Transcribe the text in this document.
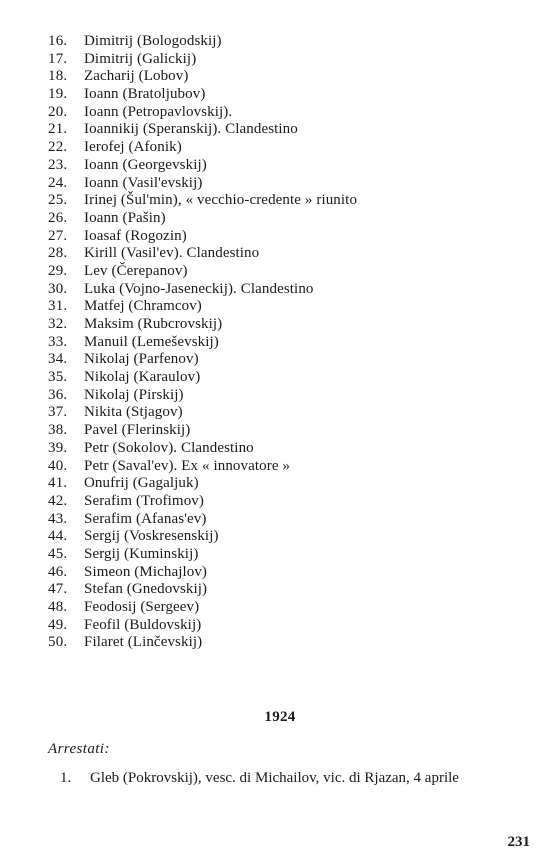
16.	Dimitrij (Bologodskij)
17.	Dimitrij (Galickij)
18.	Zacharij (Lobov)
19.	Ioann (Bratoljubov)
20.	Ioann (Petropavlovskij).
21.	Ioannikij (Speranskij). Clandestino
22.	Ierofej (Afonik)
23.	Ioann (Georgevskij)
24.	Ioann (Vasil'evskij)
25.	Irinej (Šul'min), « vecchio-credente » riunito
26.	Ioann (Pašin)
27.	Ioasaf (Rogozin)
28.	Kirill (Vasil'ev). Clandestino
29.	Lev (Čerepanov)
30.	Luka (Vojno-Jaseneckij). Clandestino
31.	Matfej (Chramcov)
32.	Maksim (Rubcrovskij)
33.	Manuil (Lemeševskij)
34.	Nikolaj (Parfenov)
35.	Nikolaj (Karaulov)
36.	Nikolaj (Pirskij)
37.	Nikita (Stjagov)
38.	Pavel (Flerinskij)
39.	Petr (Sokolov). Clandestino
40.	Petr (Saval'ev). Ex « innovatore »
41.	Onufrij (Gagaljuk)
42.	Serafim (Trofimov)
43.	Serafim (Afanas'ev)
44.	Sergij (Voskresenskij)
45.	Sergij (Kuminskij)
46.	Simeon (Michajlov)
47.	Stefan (Gnedovskij)
48.	Feodosij (Sergeev)
49.	Feofil (Buldovskij)
50.	Filaret (Linčevskij)
1924
Arrestati:
1. Gleb (Pokrovskij), vesc. di Michailov, vic. di Rjazan, 4 aprile
231
